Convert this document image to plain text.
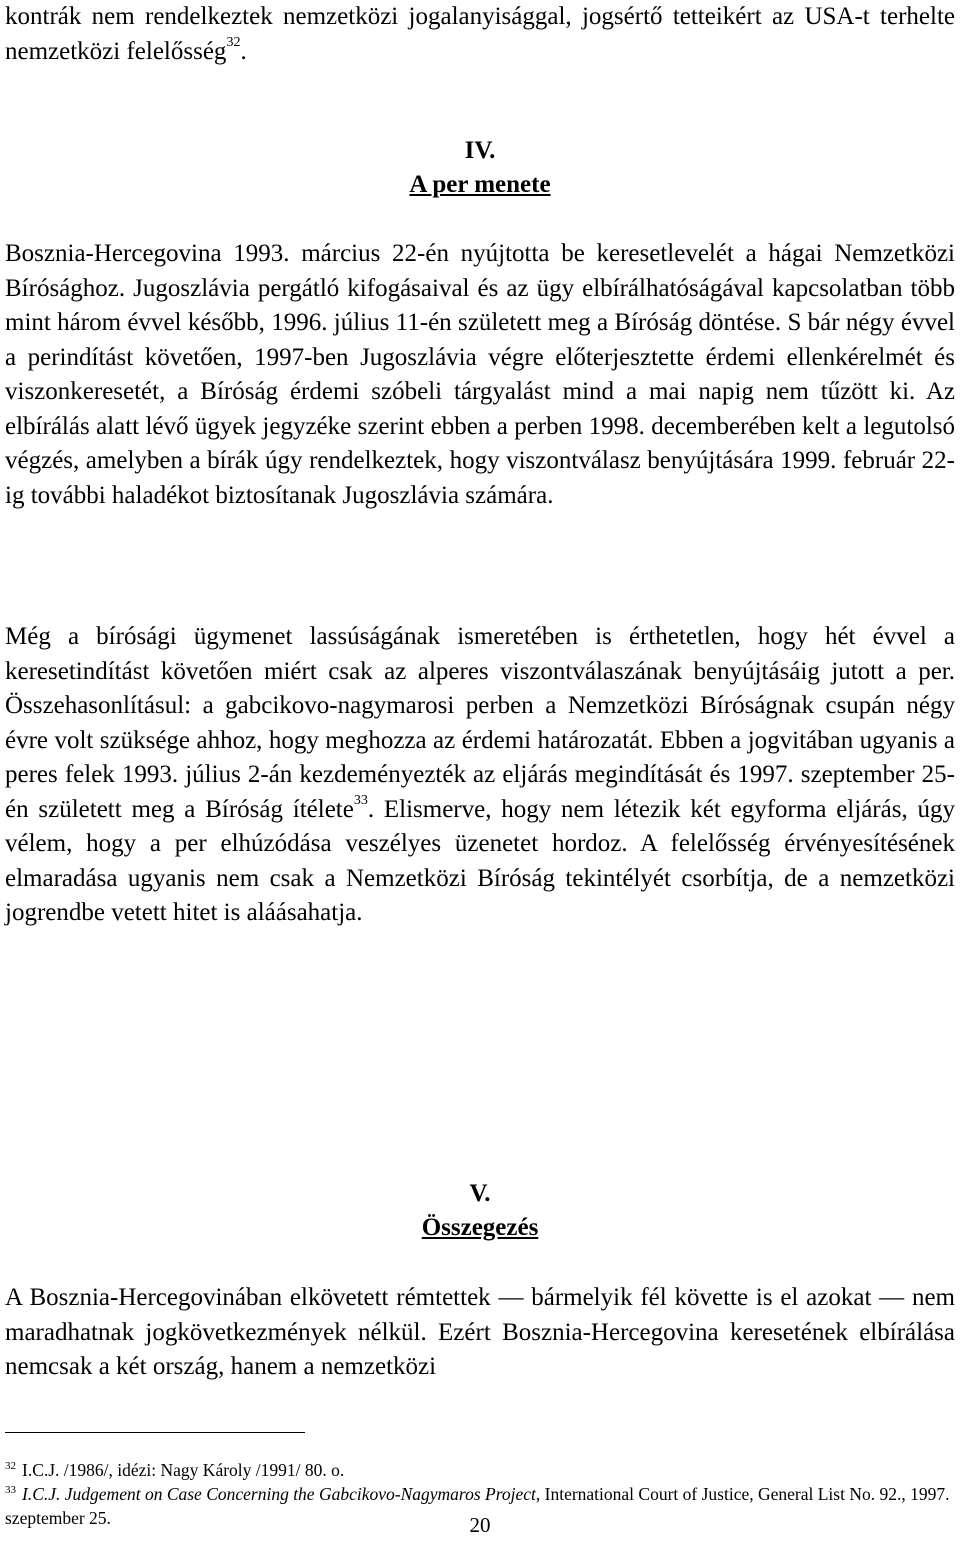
kontrák nem rendelkeztek nemzetközi jogalanyisággal, jogsértő tetteikért az USA-t terhelte nemzetközi felelősség$^{32}$.

IV.
A per menete

Bosznia-Hercegovina 1993. március 22-én nyújtotta be keresetlevelét a hágai Nemzetközi Bírósághoz. Jugoszlávia pergátló kifogásaival és az ügy elbírálhatóságával kapcsolatban több mint három évvel később, 1996. július 11-én született meg a Bíróság döntése. S bár négy évvel a perindítást követően, 1997-ben Jugoszlávia végre előterjesztette érdemi ellenkérelmét és viszonkeresetét, a Bíróság érdemi szóbeli tárgyalást mind a mai napig nem tűzött ki. Az elbírálás alatt lévő ügyek jegyzéke szerint ebben a perben 1998. decemberében kelt a legutolsó végzés, amelyben a bírák úgy rendelkeztek, hogy viszontválasz benyújtására 1999. február 22-ig további haladékot biztosítanak Jugoszlávia számára.

Még a bírósági ügymenet lassúságának ismeretében is érthetetlen, hogy hét évvel a keresetindítást követően miért csak az alperes viszontválaszának benyújtásáig jutott a per. Összehasonlításul: a gabcikovo-nagymarosi perben a Nemzetközi Bíróságnak csupán négy évre volt szüksége ahhoz, hogy meghozza az érdemi határozatát. Ebben a jogvitában ugyanis a peres felek 1993. július 2-án kezdeményezték az eljárás megindítását és 1997. szeptember 25-én született meg a Bíróság ítélete$^{33}$. Elismerve, hogy nem létezik két egyforma eljárás, úgy vélem, hogy a per elhúzódása veszélyes üzenetet hordoz. A felelősség érvényesítésének elmaradása ugyanis nem csak a Nemzetközi Bíróság tekintélyét csorbítja, de a nemzetközi jogrendbe vetett hitet is aláásahatja.

V.
Összegezés

A Bosznia-Hercegovinában elkövetett rémtettek — bármelyik fél követte is el azokat — nem maradhatnak jogkövetkezmények nélkül. Ezért Bosznia-Hercegovina keresetének elbírálása nemcsak a két ország, hanem a nemzetközi

$^{32}$ I.C.J. /1986/, idézi: Nagy Károly /1991/ 80. o.

$^{33}$ I.C.J. Judgement on Case Concerning the Gabcikovo-Nagymaros Project, International Court of Justice, General List No. 92., 1997. szeptember 25.	20
